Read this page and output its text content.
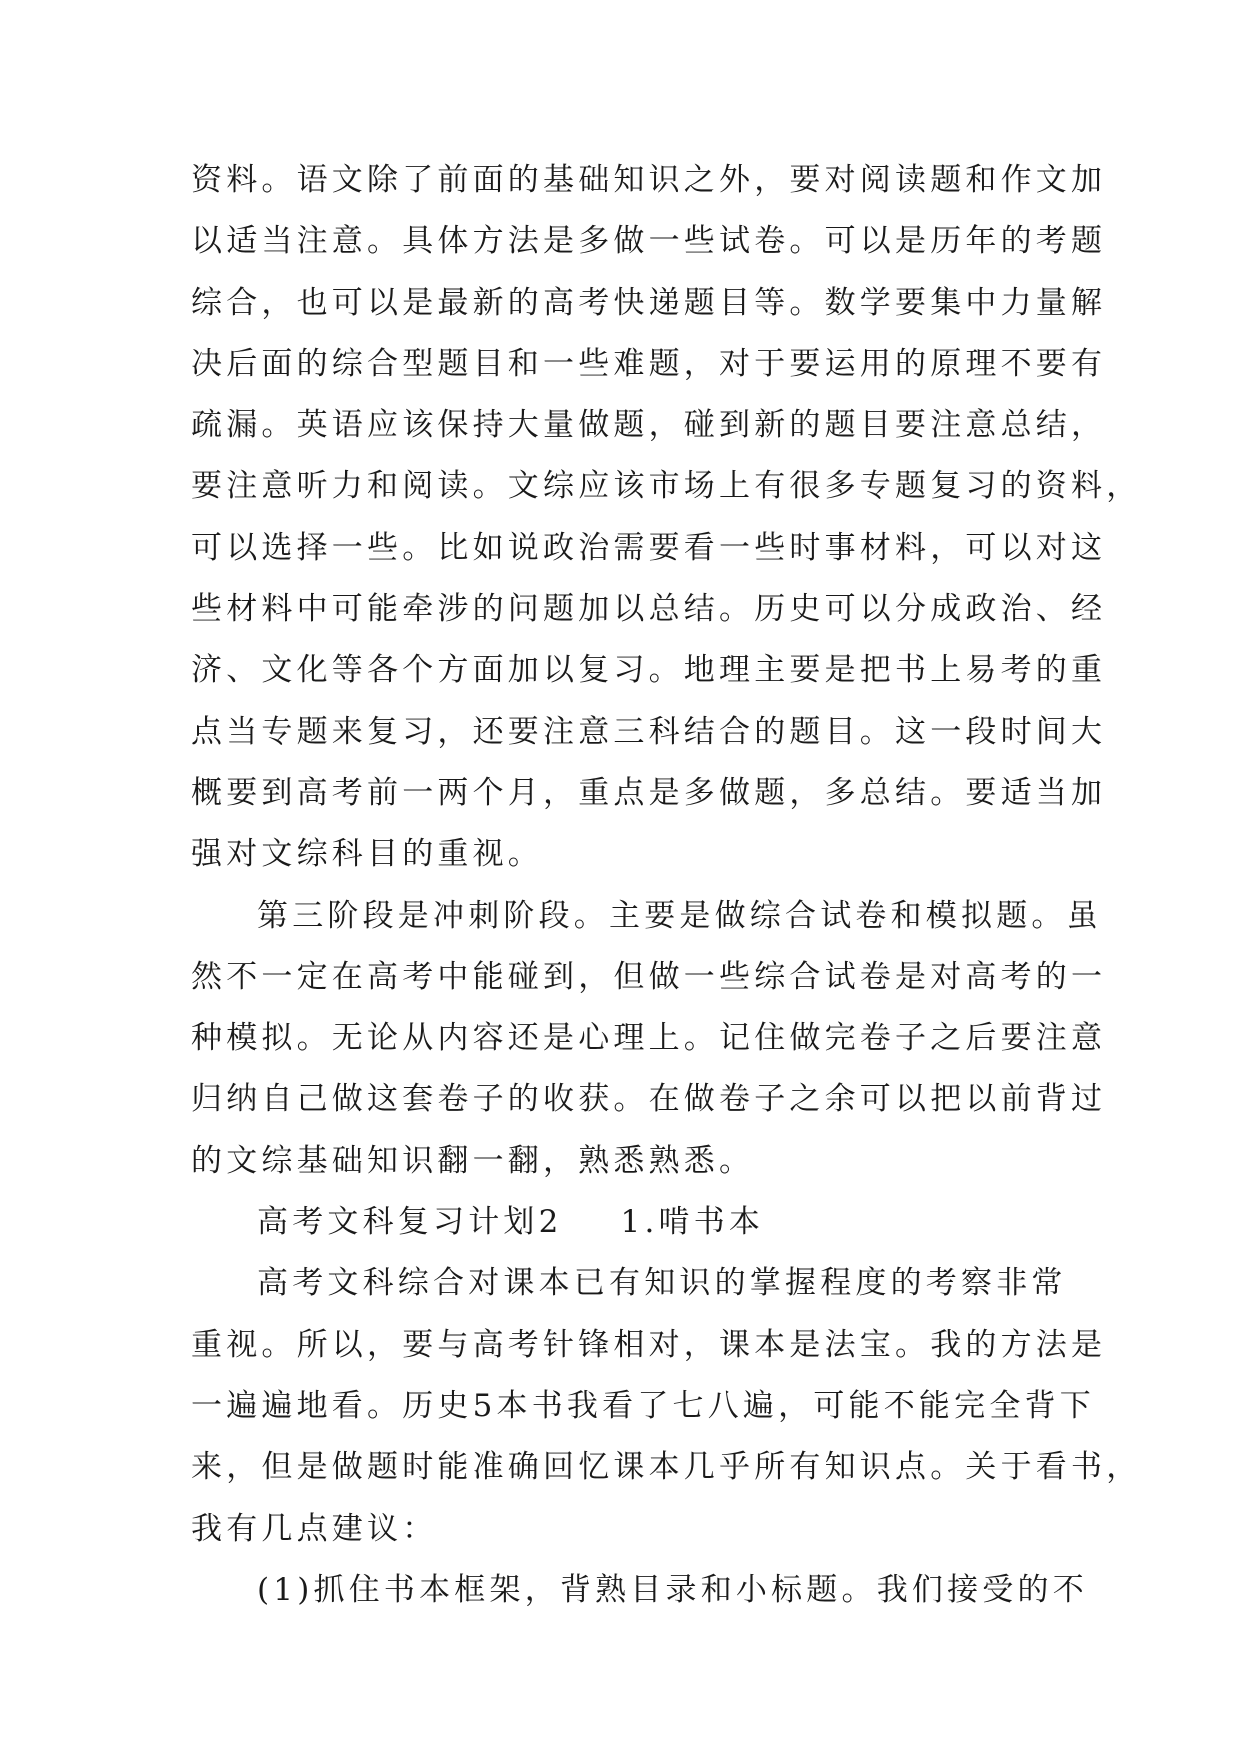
资料。语文除了前面的基础知识之外，要对阅读题和作文加
以适当注意。具体方法是多做一些试卷。可以是历年的考题
综合，也可以是最新的高考快递题目等。数学要集中力量解
决后面的综合型题目和一些难题，对于要运用的原理不要有
疏漏。英语应该保持大量做题，碰到新的题目要注意总结，
要注意听力和阅读。文综应该市场上有很多专题复习的资料，
可以选择一些。比如说政治需要看一些时事材料，可以对这
些材料中可能牵涉的问题加以总结。历史可以分成政治、经
济、文化等各个方面加以复习。地理主要是把书上易考的重
点当专题来复习，还要注意三科结合的题目。这一段时间大
概要到高考前一两个月，重点是多做题，多总结。要适当加
强对文综科目的重视。
第三阶段是冲刺阶段。主要是做综合试卷和模拟题。虽
然不一定在高考中能碰到，但做一些综合试卷是对高考的一
种模拟。无论从内容还是心理上。记住做完卷子之后要注意
归纳自己做这套卷子的收获。在做卷子之余可以把以前背过
的文综基础知识翻一翻，熟悉熟悉。
高考文科复习计划2 1.啃书本
高考文科综合对课本已有知识的掌握程度的考察非常
重视。所以，要与高考针锋相对，课本是法宝。我的方法是
一遍遍地看。历史5本书我看了七八遍，可能不能完全背下
来，但是做题时能准确回忆课本几乎所有知识点。关于看书，
我有几点建议：
(1)抓住书本框架，背熟目录和小标题。我们接受的不
